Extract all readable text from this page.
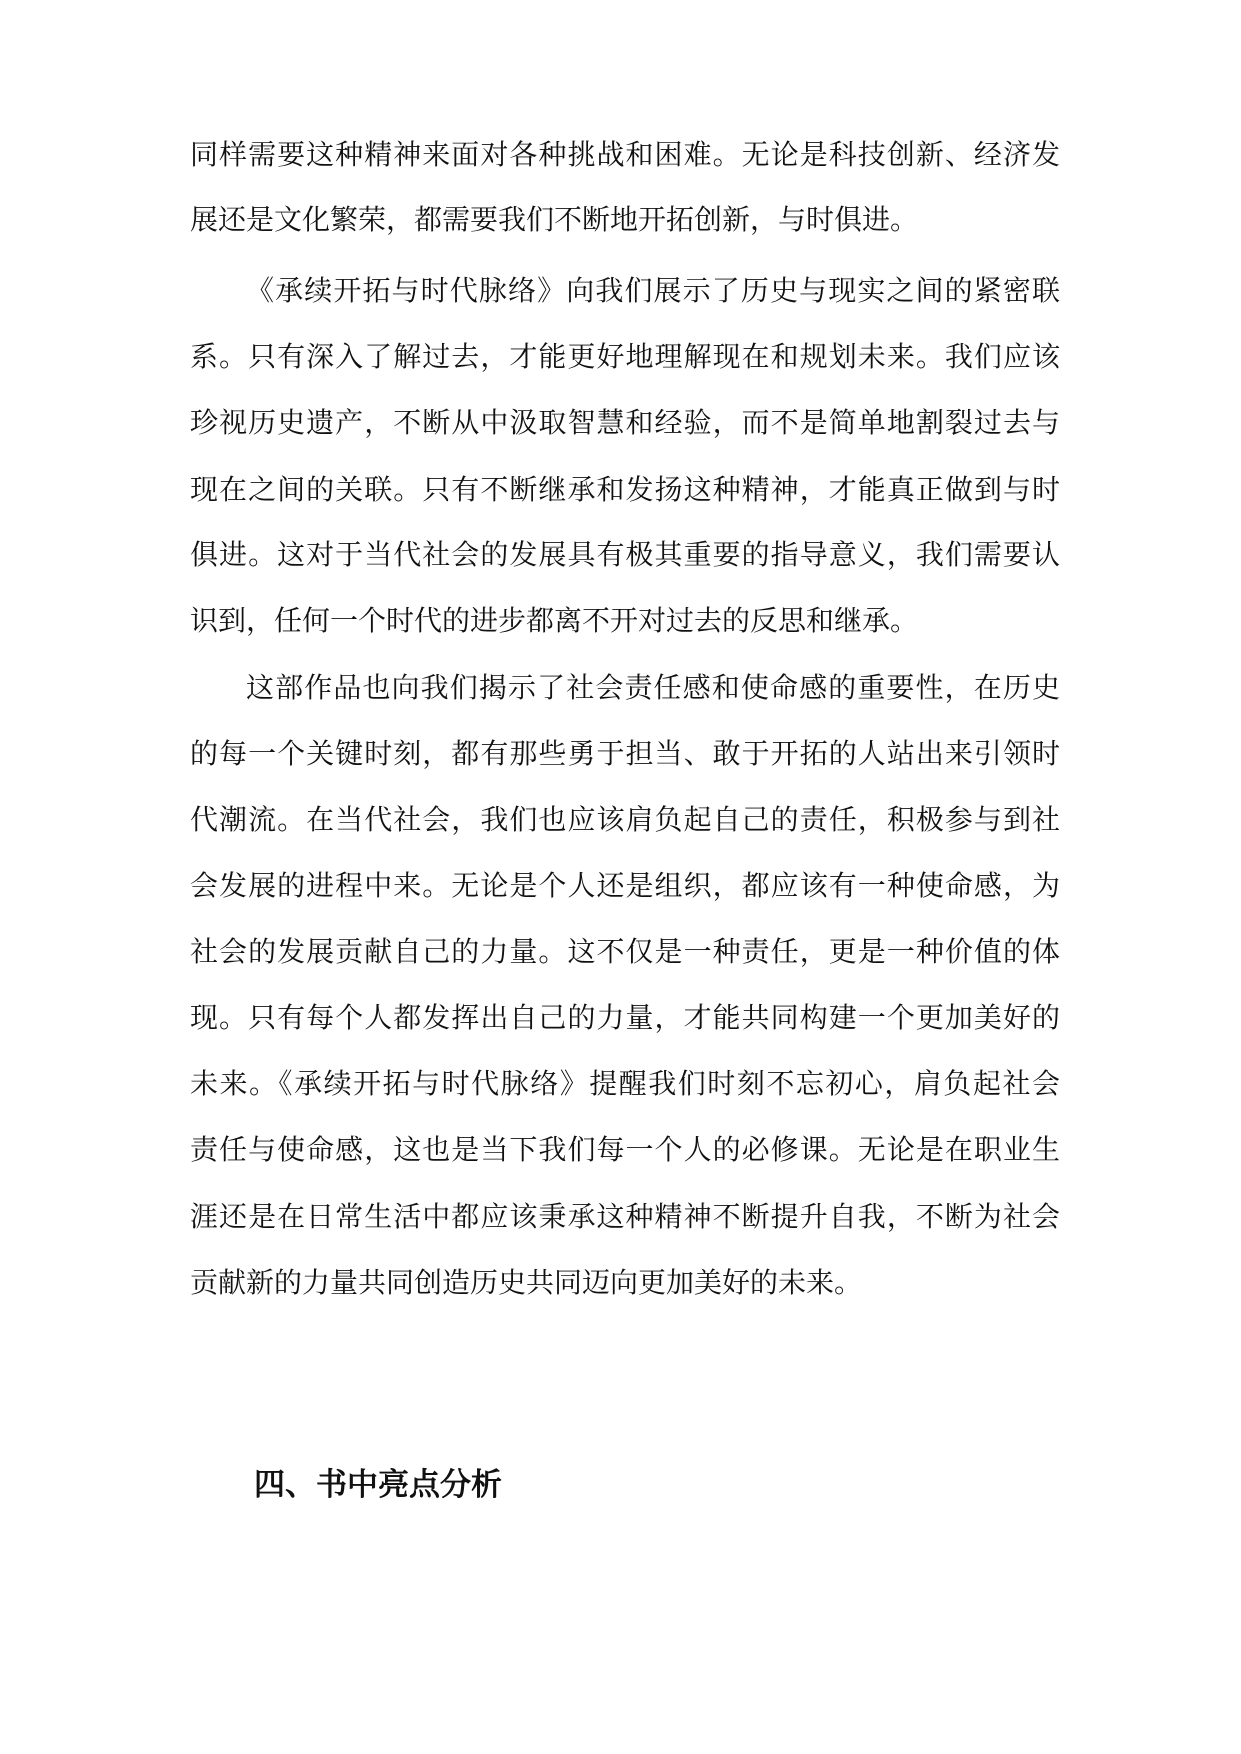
同样需要这种精神来面对各种挑战和困难。无论是科技创新、经济发
展还是文化繁荣，都需要我们不断地开拓创新，与时俱进。
《承续开拓与时代脉络》向我们展示了历史与现实之间的紧密联
系。只有深入了解过去，才能更好地理解现在和规划未来。我们应该
珍视历史遗产，不断从中汲取智慧和经验，而不是简单地割裂过去与
现在之间的关联。只有不断继承和发扬这种精神，才能真正做到与时
俱进。这对于当代社会的发展具有极其重要的指导意义，我们需要认
识到，任何一个时代的进步都离不开对过去的反思和继承。
这部作品也向我们揭示了社会责任感和使命感的重要性，在历史
的每一个关键时刻，都有那些勇于担当、敢于开拓的人站出来引领时
代潮流。在当代社会，我们也应该肩负起自己的责任，积极参与到社
会发展的进程中来。无论是个人还是组织，都应该有一种使命感，为
社会的发展贡献自己的力量。这不仅是一种责任，更是一种价值的体
现。只有每个人都发挥出自己的力量，才能共同构建一个更加美好的
未来。《承续开拓与时代脉络》提醒我们时刻不忘初心，肩负起社会
责任与使命感，这也是当下我们每一个人的必修课。无论是在职业生
涯还是在日常生活中都应该秉承这种精神不断提升自我，不断为社会
贡献新的力量共同创造历史共同迈向更加美好的未来。
四、书中亮点分析
